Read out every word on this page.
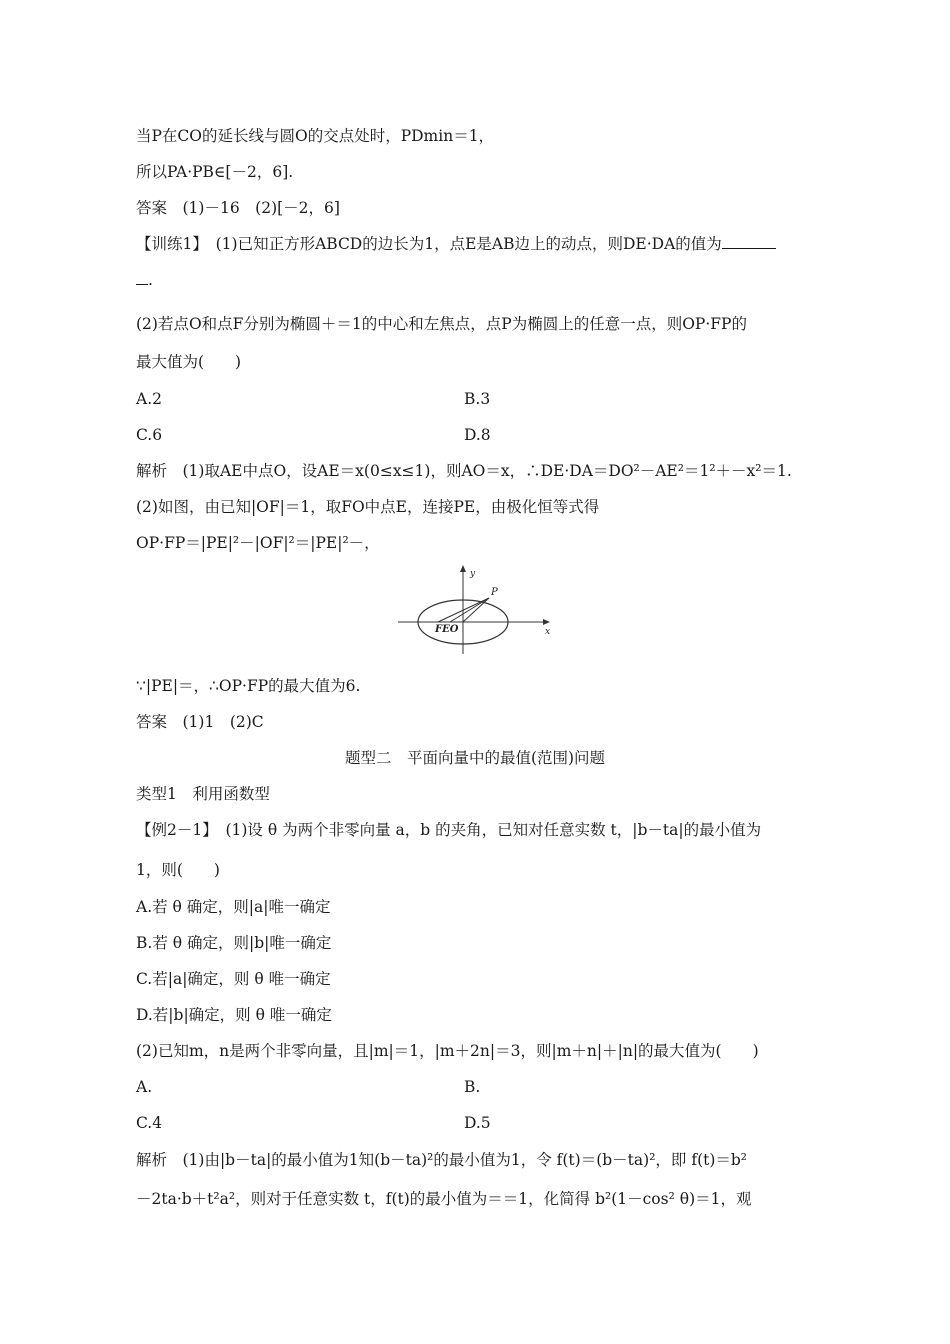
当P在CO的延长线与圆O的交点处时，PDmin＝1，
所以PA·PB∈[－2，6].
答案　(1)－16　(2)[－2，6]
【训练1】　(1)已知正方形ABCD的边长为1，点E是AB边上的动点，则DE·DA的值为
.
(2)若点O和点F分别为椭圆＋＝1的中心和左焦点，点P为椭圆上的任意一点，则OP·FP的
最大值为(　　)
A.2	B.3
C.6	D.8
解析　(1)取AE中点O，设AE＝x(0≤x≤1)，则AO＝x，∴DE·DA＝DO²－AE²＝1²＋－x²＝1.
(2)如图，由已知|OF|＝1，取FO中点E，连接PE，由极化恒等式得
OP·FP＝|PE|²－|OF|²＝|PE|²－，
P
y
x
FEO
∵|PE|＝，∴OP·FP的最大值为6.
答案　(1)1　(2)C
题型二　平面向量中的最值(范围)问题
类型1　利用函数型
【例2－1】　(1)设 θ 为两个非零向量 a，b 的夹角，已知对任意实数 t，|b－ta|的最小值为
1，则(　　)
A.若 θ 确定，则|a|唯一确定
B.若 θ 确定，则|b|唯一确定
C.若|a|确定，则 θ 唯一确定
D.若|b|确定，则 θ 唯一确定
(2)已知m，n是两个非零向量，且|m|＝1，|m＋2n|＝3，则|m＋n|＋|n|的最大值为(　　)
A.	B.
C.4	D.5
解析　(1)由|b－ta|的最小值为1知(b－ta)²的最小值为1，令 f(t)＝(b－ta)²，即 f(t)＝b²
－2ta·b＋t²a²，则对于任意实数 t，f(t)的最小值为＝＝1，化简得 b²(1－cos² θ)＝1，观
